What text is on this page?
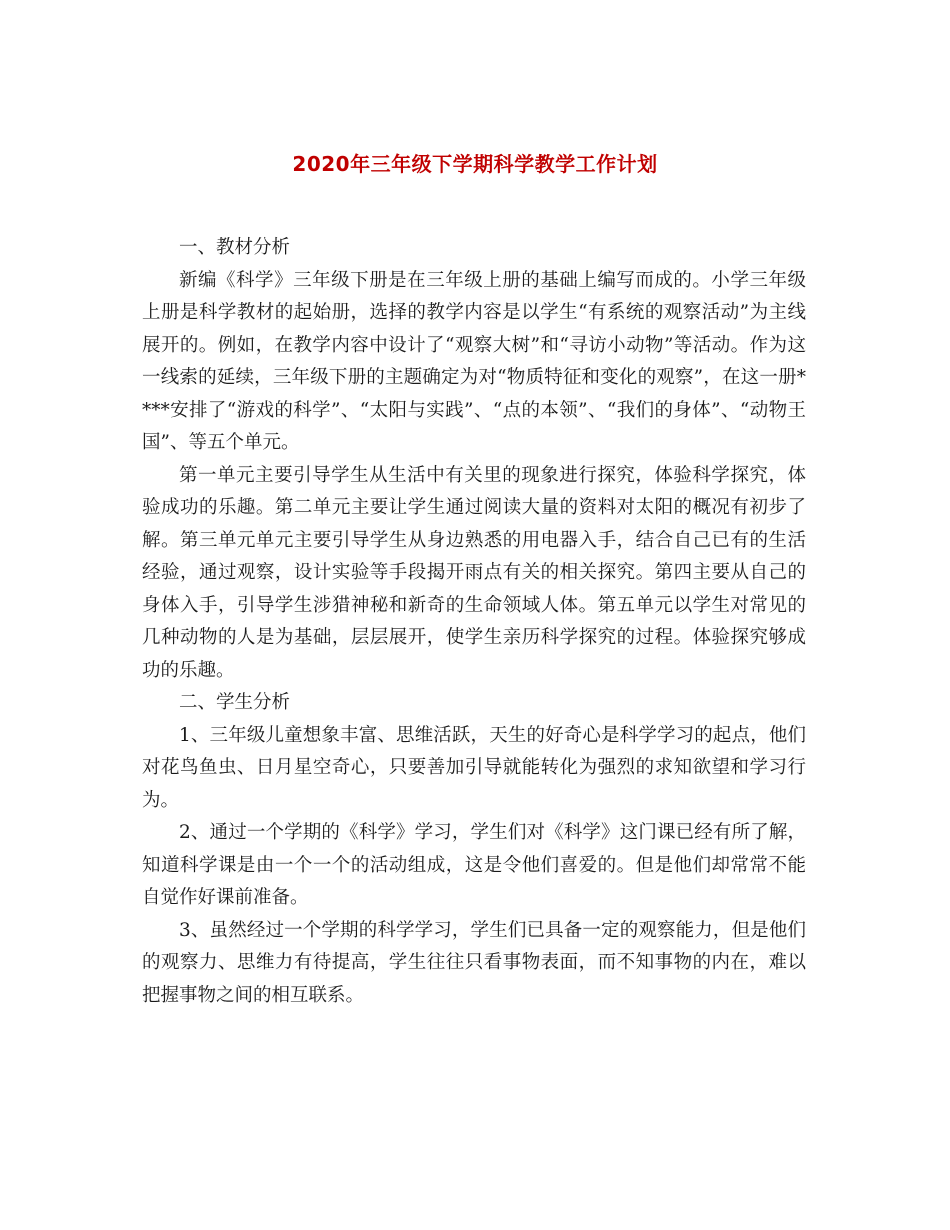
2020年三年级下学期科学教学工作计划

一、教材分析

新编《科学》三年级下册是在三年级上册的基础上编写而成的。小学三年级上册是科学教材的起始册，选择的教学内容是以学生“有系统的观察活动”为主线展开的。例如，在教学内容中设计了“观察大树”和“寻访小动物”等活动。作为这一线索的延续，三年级下册的主题确定为对“物质特征和变化的观察”，在这一册****安排了“游戏的科学”、“太阳与实践”、“点的本领”、“我们的身体”、“动物王国”、等五个单元。

第一单元主要引导学生从生活中有关里的现象进行探究，体验科学探究，体验成功的乐趣。第二单元主要让学生通过阅读大量的资料对太阳的概况有初步了解。第三单元单元主要引导学生从身边熟悉的用电器入手，结合自己已有的生活经验，通过观察，设计实验等手段揭开雨点有关的相关探究。第四主要从自己的身体入手，引导学生涉猎神秘和新奇的生命领域人体。第五单元以学生对常见的几种动物的人是为基础，层层展开，使学生亲历科学探究的过程。体验探究够成功的乐趣。

二、学生分析

1、三年级儿童想象丰富、思维活跃，天生的好奇心是科学学习的起点，他们对花鸟鱼虫、日月星空奇心，只要善加引导就能转化为强烈的求知欲望和学习行为。

2、通过一个学期的《科学》学习，学生们对《科学》这门课已经有所了解，知道科学课是由一个一个的活动组成，这是令他们喜爱的。但是他们却常常不能自觉作好课前准备。

3、虽然经过一个学期的科学学习，学生们已具备一定的观察能力，但是他们的观察力、思维力有待提高，学生往往只看事物表面，而不知事物的内在，难以把握事物之间的相互联系。
